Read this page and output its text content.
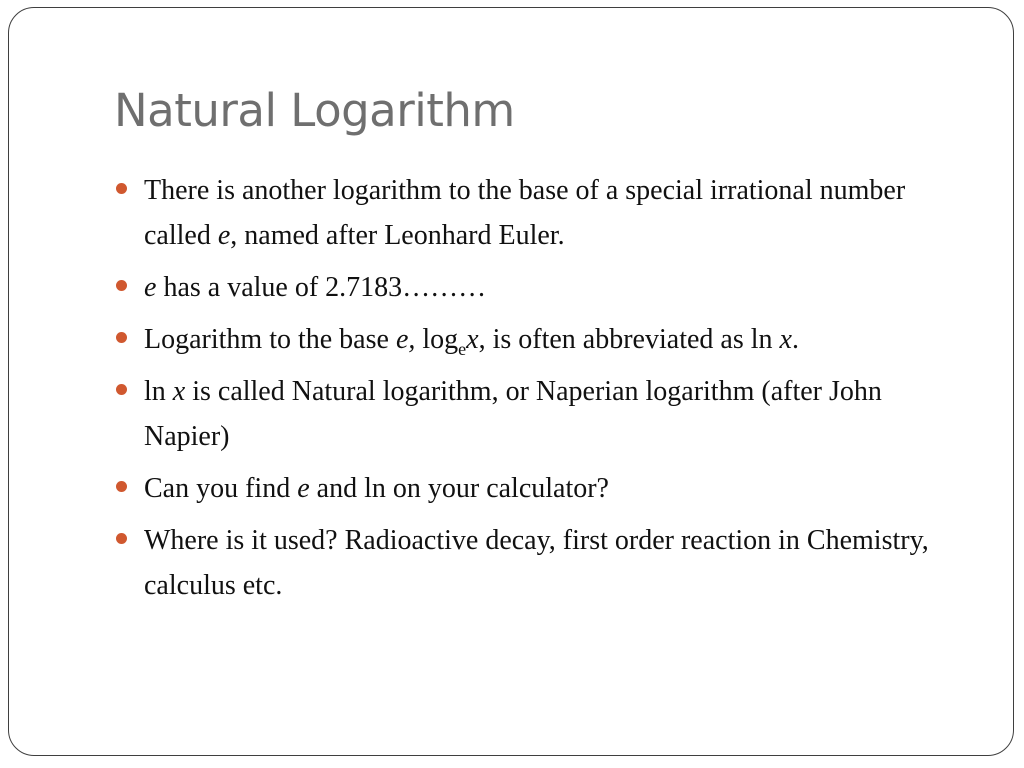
Natural Logarithm
There is another logarithm to the base of a special irrational number called e, named after Leonhard Euler.
e has a value of 2.7183………
Logarithm to the base e, $\log_ex$, is often abbreviated as ln x.
ln x is called Natural logarithm, or Naperian logarithm (after John Napier)
Can you find e and ln on your calculator?
Where is it used? Radioactive decay, first order reaction in Chemistry, calculus etc.
